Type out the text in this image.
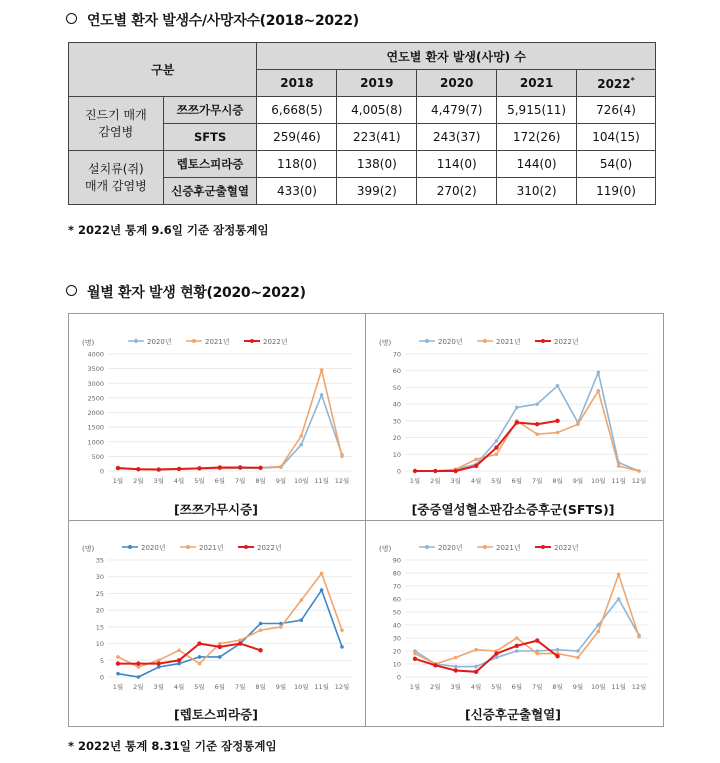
연도별 환자 발생수/사망자수(2018~2022)
구분		연도별 환자 발생(사망) 수				
		2018	2019	2020	2021	2022*
진드기 매개
감염병	쯔쯔가무시증	6,668(5)	4,005(8)	4,479(7)	5,915(11)	726(4)
	SFTS	259(46)	223(41)	243(37)	172(26)	104(15)
설치류(쥐)
매개 감염병	렙토스피라증	118(0)	138(0)	114(0)	144(0)	54(0)
	신증후군출혈열	433(0)	399(2)	270(2)	310(2)	119(0)
* 2022년 통계 9.6일 기준 잠정통계임
월별 환자 발생 현황(2020~2022)
(명)	2020년	2021년	2022년
0
500
1000
1500
2000
2500
3000
3500
4000
1월 2월 3월 4월 5월 6월 7월 8월 9월 10월 11월 12월
(명)	2020년	2021년	2022년
0
10
20
30
40
50
60
70
1월 2월 3월 4월 5월 6월 7월 8월 9월 10월 11월 12월
(명)	2020년	2021년	2022년
0
5
10
15
20
25
30
35
1월 2월 3월 4월 5월 6월 7월 8월 9월 10월 11월 12월
(명)	2020년	2021년	2022년
0
10
20
30
40
50
60
70
80
90
1월 2월 3월 4월 5월 6월 7월 8월 9월 10월 11월 12월
[쯔쯔가무시증]	[중증열성혈소판감소증후군(SFTS)]
[렙토스피라증]	[신증후군출혈열]
* 2022년 통계 8.31일 기준 잠정통계임
